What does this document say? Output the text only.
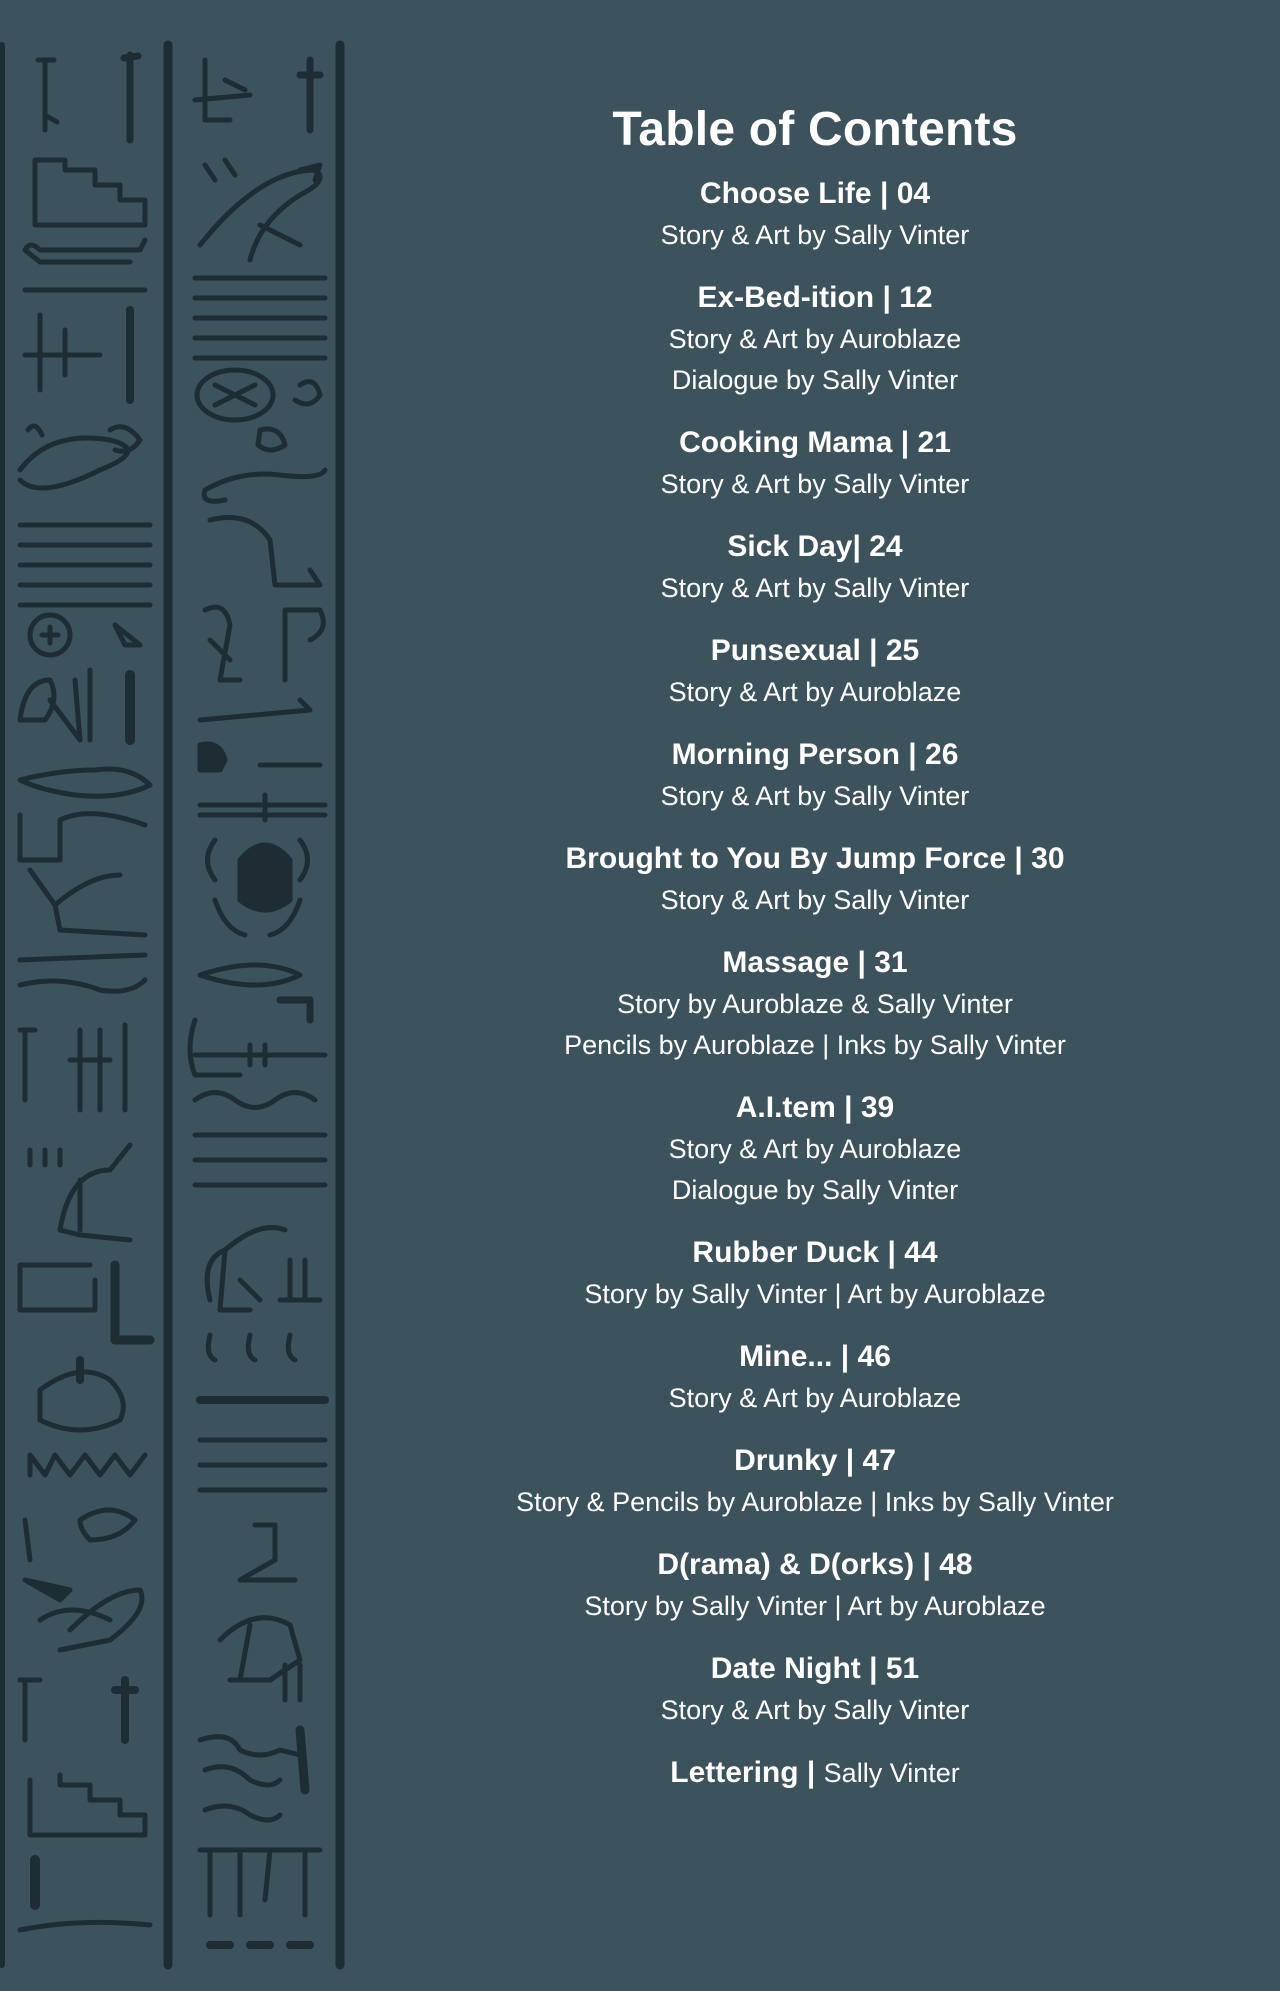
Table of Contents
Choose Life | 04
Story & Art by Sally Vinter
Ex-Bed-ition | 12
Story & Art by Auroblaze
Dialogue by Sally Vinter
Cooking Mama | 21
Story & Art by Sally Vinter
Sick Day| 24
Story & Art by Sally Vinter
Punsexual | 25
Story & Art by Auroblaze
Morning Person | 26
Story & Art by Sally Vinter
Brought to You By Jump Force | 30
Story & Art by Sally Vinter
Massage | 31
Story by Auroblaze & Sally Vinter
Pencils by Auroblaze | Inks by Sally Vinter
A.I.tem | 39
Story & Art by Auroblaze
Dialogue by Sally Vinter
Rubber Duck | 44
Story by Sally Vinter | Art by Auroblaze
Mine... | 46
Story & Art by Auroblaze
Drunky | 47
Story & Pencils by Auroblaze | Inks by Sally Vinter
D(rama) & D(orks) | 48
Story by Sally Vinter | Art by Auroblaze
Date Night | 51
Story & Art by Sally Vinter
Lettering | Sally Vinter
